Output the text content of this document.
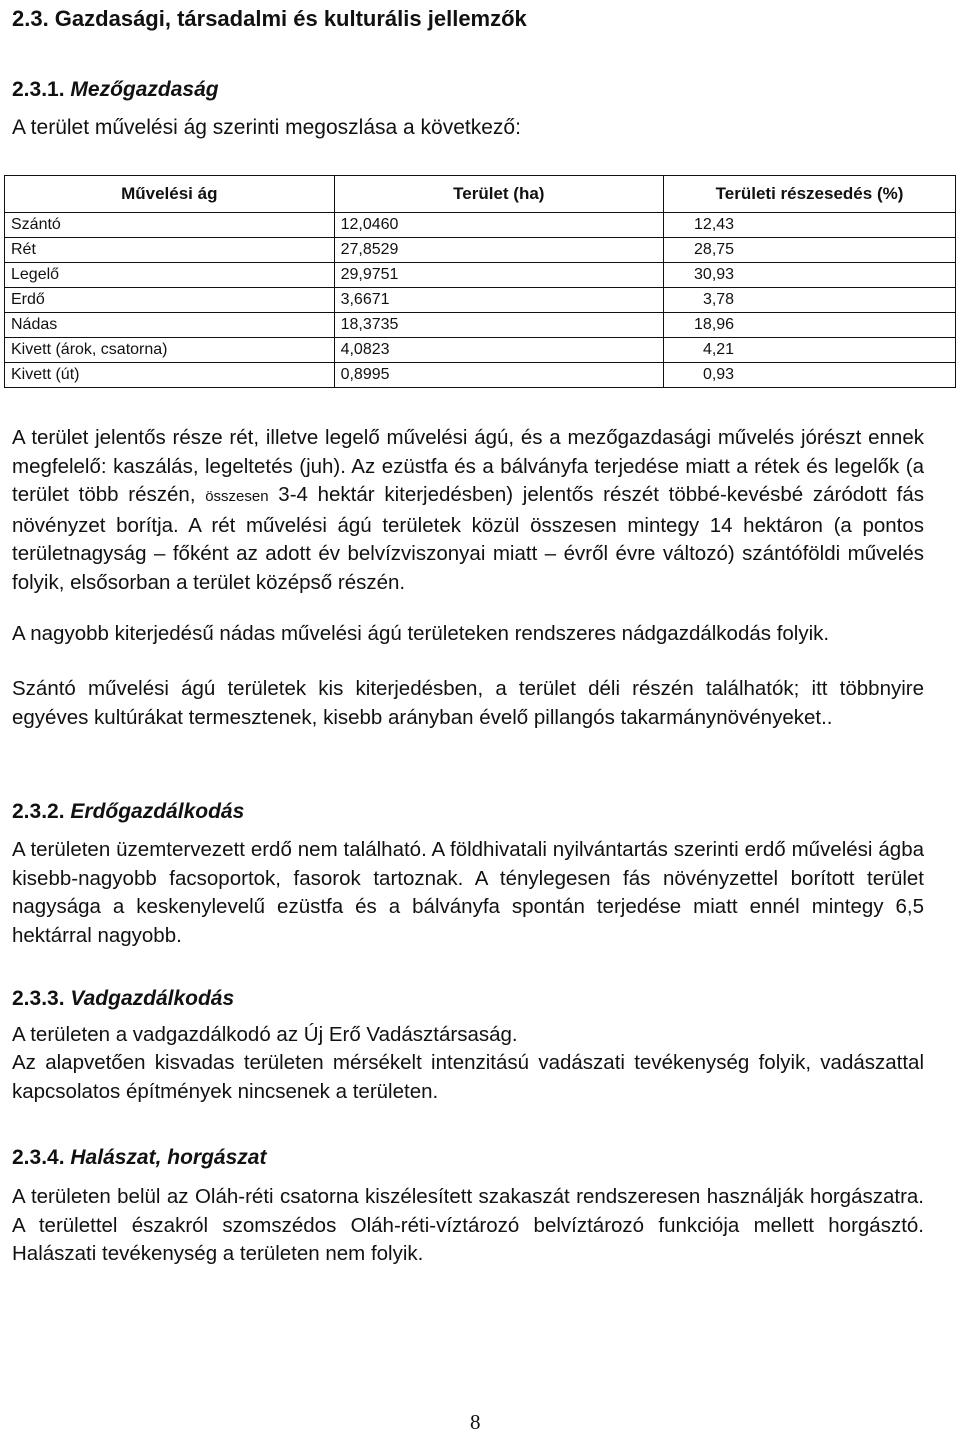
2.3. Gazdasági, társadalmi és kulturális jellemzők
2.3.1. Mezőgazdaság

A terület művelési ág szerinti megoszlása a következő:

Művelési ág	Terület (ha)	Területi részesedés (%)
Szántó	12,0460	12,43
Rét	27,8529	28,75
Legelő	29,9751	30,93
Erdő	3,6671	3,78
Nádas	18,3735	18,96
Kivett (árok, csatorna)	4,0823	4,21
Kivett (út)	0,8995	0,93

A terület jelentős része rét, illetve legelő művelési ágú, és a mezőgazdasági művelés jórészt ennek megfelelő: kaszálás, legeltetés (juh). Az ezüstfa és a bálványfa terjedése miatt a rétek és legelők (a terület több részén, összesen 3-4 hektár kiterjedésben) jelentős részét többé-kevésbé záródott fás növényzet borítja. A rét művelési ágú területek közül összesen mintegy 14 hektáron (a pontos területnagyság – főként az adott év belvízviszonyai miatt – évről évre változó) szántóföldi művelés folyik, elsősorban a terület középső részén.

A nagyobb kiterjedésű nádas művelési ágú területeken rendszeres nádgazdálkodás folyik.

Szántó művelési ágú területek kis kiterjedésben, a terület déli részén találhatók; itt többnyire egyéves kultúrákat termesztenek, kisebb arányban évelő pillangós takarmánynövényeket..

2.3.2. Erdőgazdálkodás

A területen üzemtervezett erdő nem található. A földhivatali nyilvántartás szerinti erdő művelési ágba kisebb-nagyobb facsoportok, fasorok tartoznak. A ténylegesen fás növényzettel borított terület nagysága a keskenylevelű ezüstfa és a bálványfa spontán terjedése miatt ennél mintegy 6,5 hektárral nagyobb.

2.3.3. Vadgazdálkodás

A területen a vadgazdálkodó az Új Erő Vadásztársaság.

Az alapvetően kisvadas területen mérsékelt intenzitású vadászati tevékenység folyik, vadászattal kapcsolatos építmények nincsenek a területen.

2.3.4. Halászat, horgászat

A területen belül az Oláh-réti csatorna kiszélesített szakaszát rendszeresen használják horgászatra. A területtel északról szomszédos Oláh-réti-víztározó belvíztározó funkciója mellett horgásztó. Halászati tevékenység a területen nem folyik.

8
